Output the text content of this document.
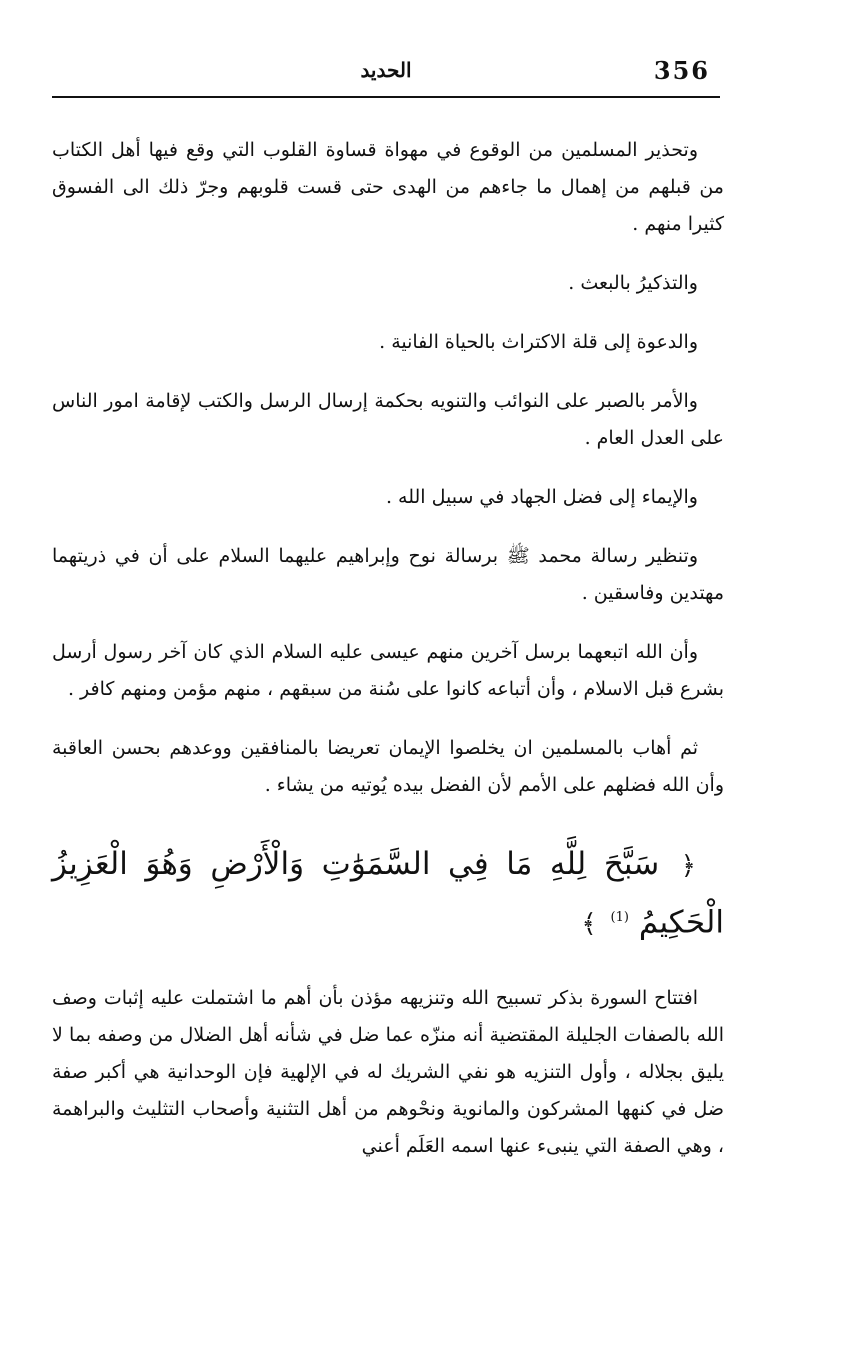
356
الحديد

وتحذير المسلمين من الوقوع في مهواة قساوة القلوب التي وقع فيها أهل الكتاب من قبلهم من إهمال ما جاءهم من الهدى حتى قست قلوبهم وجرّ ذلك الى الفسوق كثيرا منهم .

والتذكيرُ بالبعث .

والدعوة إلى قلة الاكتراث بالحياة الفانية .

والأمر بالصبر على النوائب والتنويه بحكمة إرسال الرسل والكتب لإقامة امور الناس على العدل العام .

والإيماء إلى فضل الجهاد في سبيل الله .

وتنظير رسالة محمد ﷺ برسالة نوح وإبراهيم عليهما السلام على أن في ذريتهما مهتدين وفاسقين .

وأن الله اتبعهما برسل آخرين منهم عيسى عليه السلام الذي كان آخر رسول أرسل بشرع قبل الاسلام ، وأن أتباعه كانوا على سُنة من سبقهم ، منهم مؤمن ومنهم كافر .

ثم أهاب بالمسلمين ان يخلصوا الإيمان تعريضا بالمنافقين ووعدهم بحسن العاقبة وأن الله فضلهم على الأمم لأن الفضل بيده يُوتيه من يشاء .

﴿ سَبَّحَ لِلَّهِ مَا فِي السَّمَوَٰتِ وَالْأَرْضِ وَهُوَ الْعَزِيزُ الْحَكِيمُ $^{(1)}$ ﴾

افتتاح السورة بذكر تسبيح الله وتنزيهه مؤذن بأن أهم ما اشتملت عليه إثبات وصف الله بالصفات الجليلة المقتضية أنه منزّه عما ضل في شأنه أهل الضلال من وصفه بما لا يليق بجلاله ، وأول التنزيه هو نفي الشريك له في الإلهية فإن الوحدانية هي أكبر صفة ضل في كنهها المشركون والمانوية ونحْوهم من أهل التثنية وأصحاب التثليث والبراهمة ، وهي الصفة التي ينبىء عنها اسمه العَلَم أعني
